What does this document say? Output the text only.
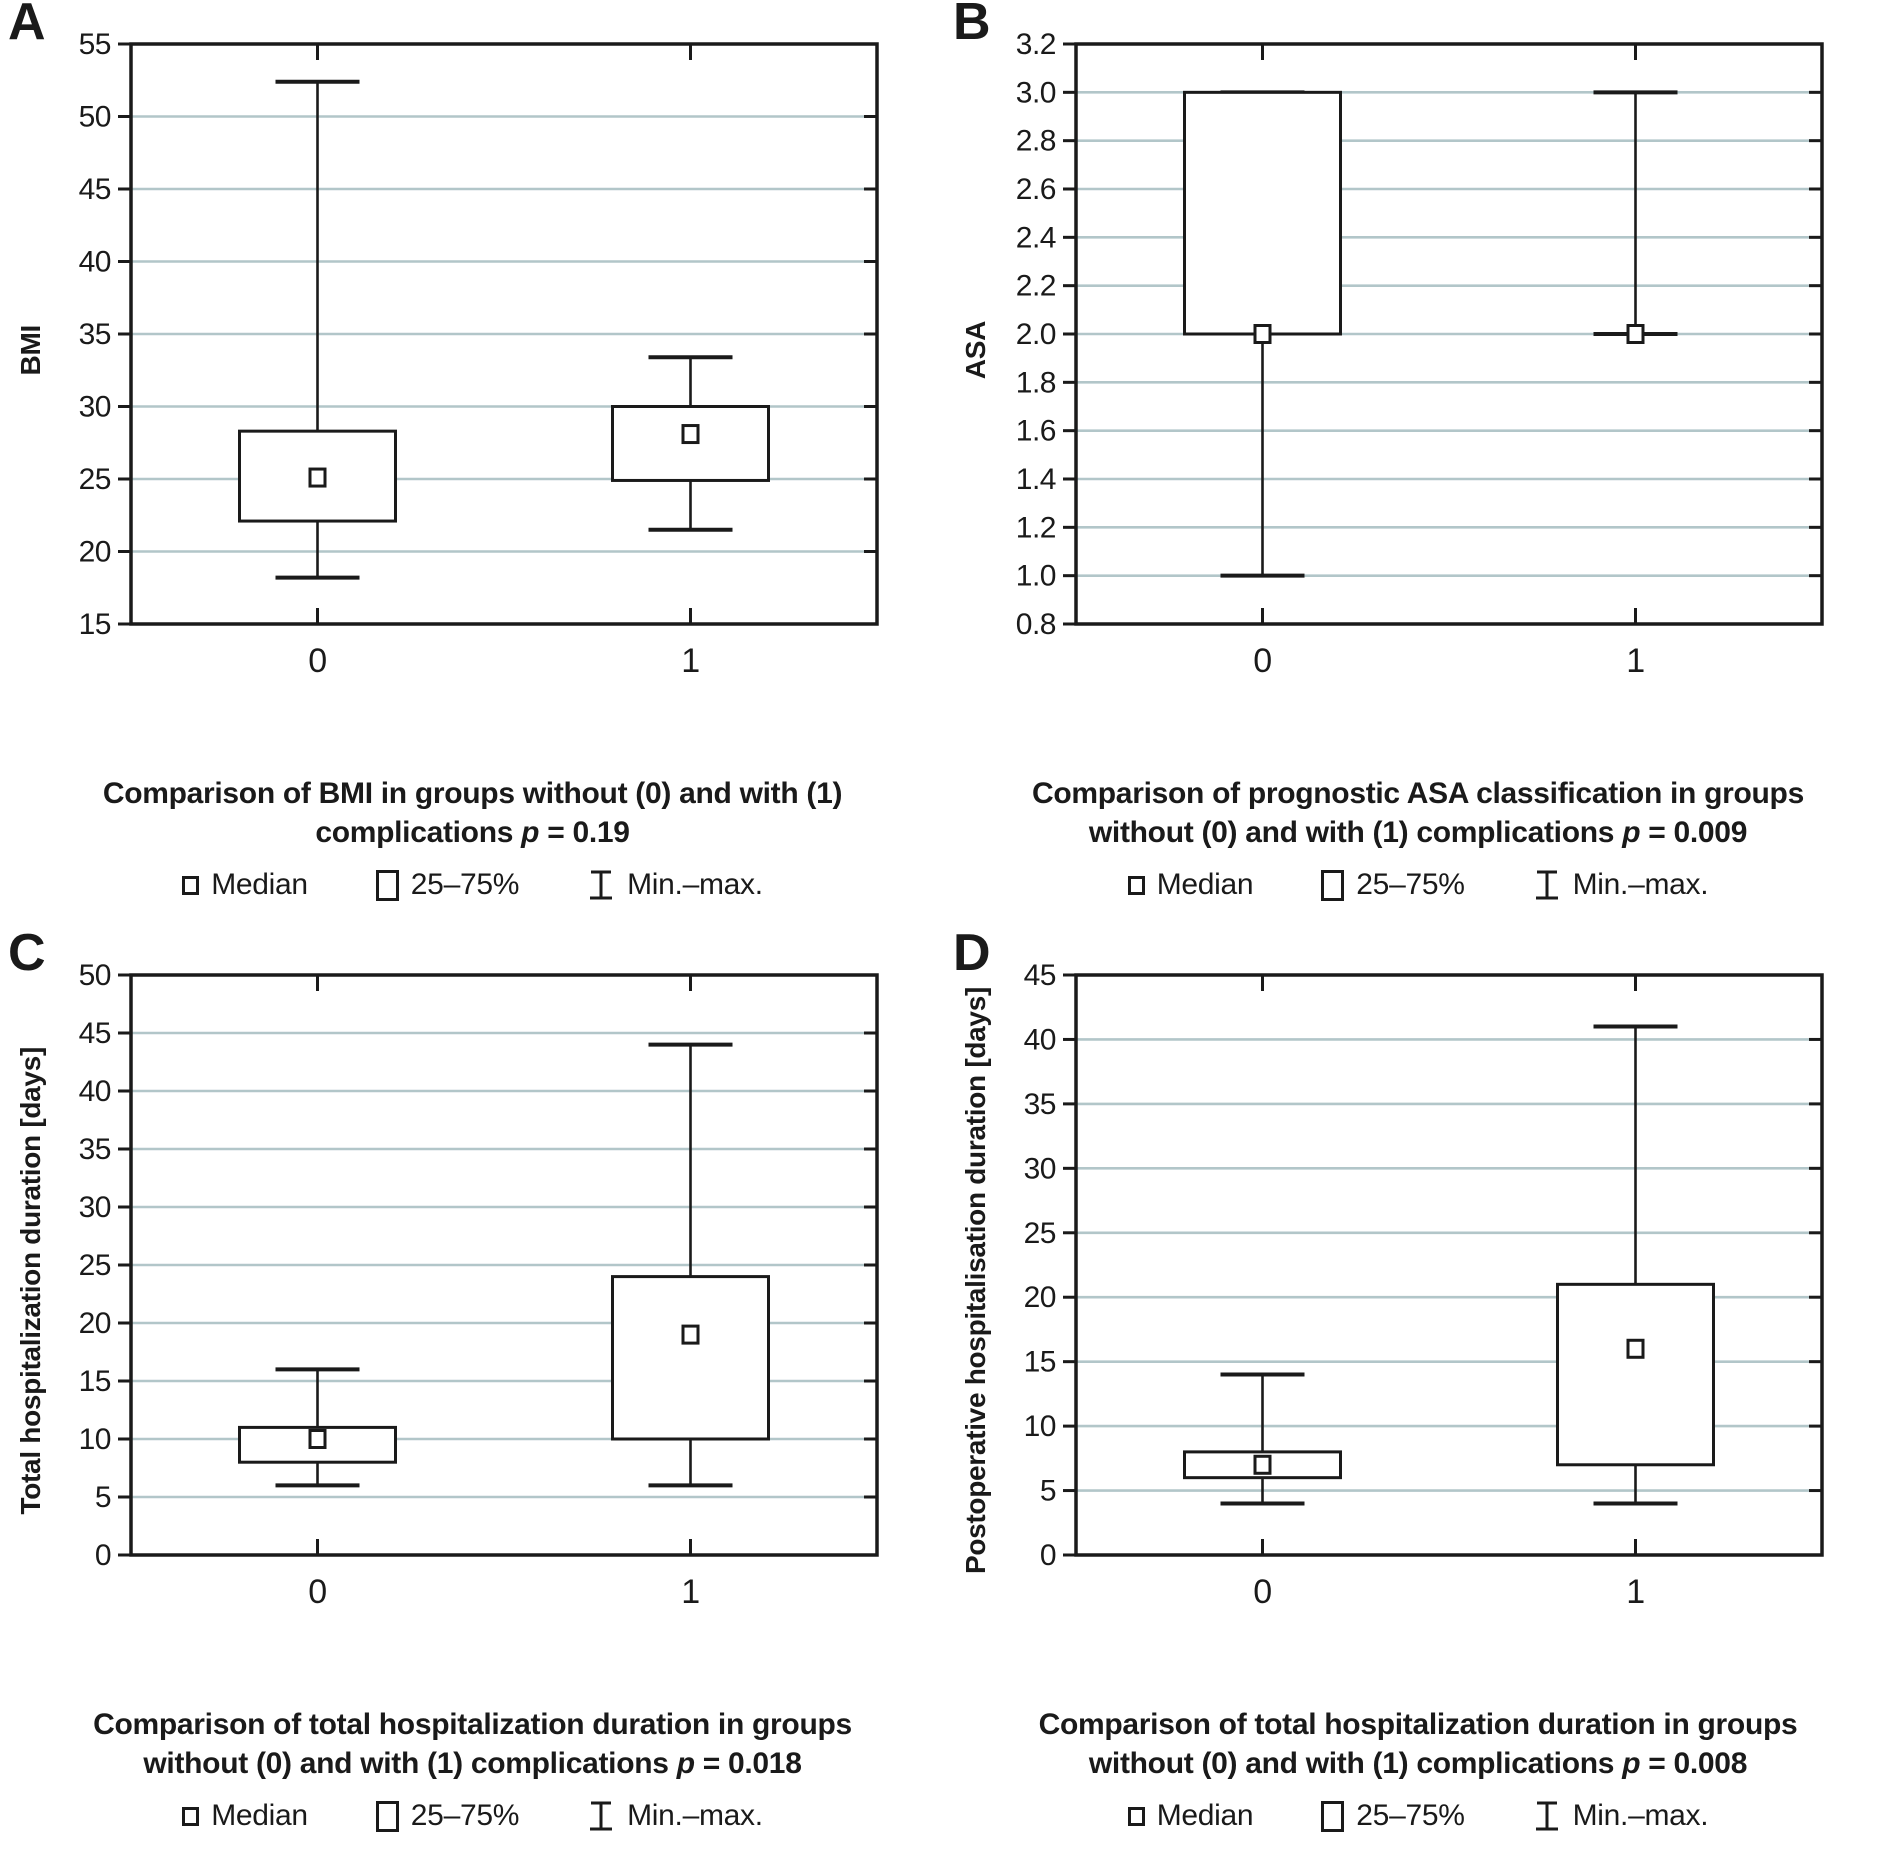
A
BMI
15
20
25
30
35
40
45
50
55
0	1
Comparison of BMI in groups without (0) and with (1)
complications p = 0.19
Median	25–75%	Min.–max.
B
ASA
0.8
1.0
1.2
1.4
1.6
1.8
2.0
2.2
2.4
2.6
2.8
3.0
3.2
0	1
Comparison of prognostic ASA classification in groups
without (0) and with (1) complications p = 0.009
Median	25–75%	Min.–max.
C
Total hospitalization duration [days]
0
5
10
15
20
25
30
35
40
45
50
0	1
Comparison of total hospitalization duration in groups
without (0) and with (1) complications p = 0.018
Median	25–75%	Min.–max.
D
Postoperative hospitalisation duration [days] 0
5
10
15
20
25
30
35
40
45
0	1
Comparison of total hospitalization duration in groups
without (0) and with (1) complications p = 0.008
Median	25–75%	Min.–max.
